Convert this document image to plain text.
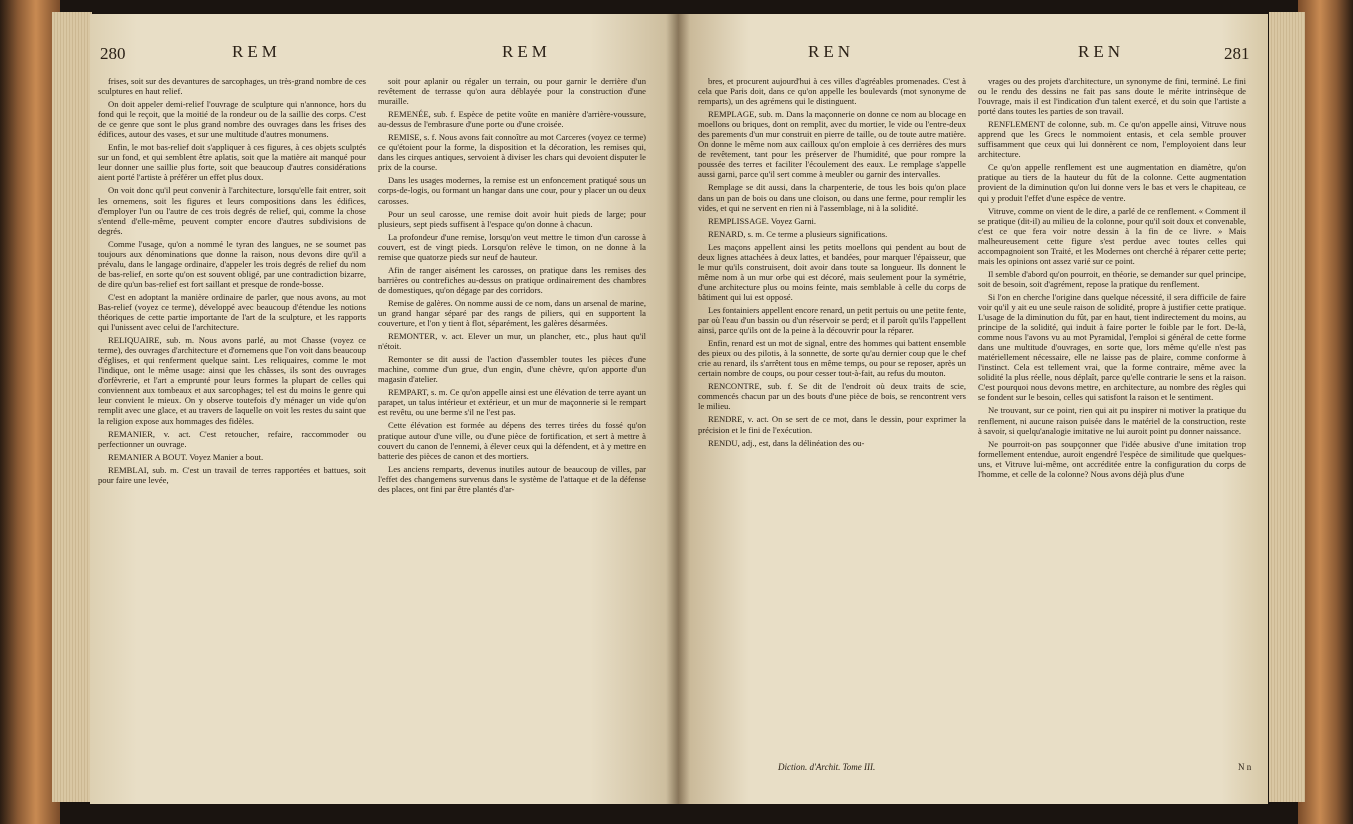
280	REM	REM

frises, soit sur des devantures de sarcophages, un très-grand nombre de ces sculptures en haut relief.

On doit appeler demi-relief l'ouvrage de sculpture qui n'annonce, hors du fond qui le reçoit, que la moitié de la rondeur ou de la saillie des corps. C'est de ce genre que sont le plus grand nombre des ouvrages dans les frises des édifices, autour des vases, et sur une multitude d'autres monumens.

Enfin, le mot bas-relief doit s'appliquer à ces figures, à ces objets sculptés sur un fond, et qui semblent être aplatis, soit que la matière ait manqué pour leur donner une saillie plus forte, soit que beaucoup d'autres considérations aient porté l'artiste à préférer un effet plus doux.

On voit donc qu'il peut convenir à l'architecture, lorsqu'elle fait entrer, soit les ornemens, soit les figures et leurs compositions dans les édifices, d'employer l'un ou l'autre de ces trois degrés de relief, qui, comme la chose s'entend d'elle-même, peuvent compter encore d'autres subdivisions de degrés.

Comme l'usage, qu'on a nommé le tyran des langues, ne se soumet pas toujours aux dénominations que donne la raison, nous devons dire qu'il a prévalu, dans le langage ordinaire, d'appeler les trois degrés de relief du nom de bas-relief, en sorte qu'on est souvent obligé, par une contradiction bizarre, de dire qu'un bas-relief est fort saillant et presque de ronde-bosse.

C'est en adoptant la manière ordinaire de parler, que nous avons, au mot Bas-relief (voyez ce terme), développé avec beaucoup d'étendue les notions théoriques de cette partie importante de l'art de la sculpture, et les rapports qui l'unissent avec celui de l'architecture.

RELIQUAIRE, sub. m. Nous avons parlé, au mot Chasse (voyez ce terme), des ouvrages d'architecture et d'ornemens que l'on voit dans beaucoup d'églises, et qui renferment quelque saint. Les reliquaires, comme le mot l'indique, ont le même usage: ainsi que les châsses, ils sont des ouvrages d'orfèvrerie, et l'art a emprunté pour leurs formes la plupart de celles qui conviennent aux tombeaux et aux sarcophages; tel est du moins le genre qui leur convient le mieux. On y observe toutefois d'y ménager un vide qu'on remplit avec une glace, et au travers de laquelle on voit les restes du saint que la religion expose aux hommages des fidèles.

REMANIER, v. act. C'est retoucher, refaire, raccommoder ou perfectionner un ouvrage.

REMANIER A BOUT. Voyez Manier a bout.

REMBLAI, sub. m. C'est un travail de terres rapportées et battues, soit pour faire une levée,

soit pour aplanir ou régaler un terrain, ou pour garnir le derrière d'un revêtement de terrasse qu'on aura déblayée pour la construction d'une muraille.

REMENÉE, sub. f. Espèce de petite voûte en manière d'arrière-voussure, au-dessus de l'embrasure d'une porte ou d'une croisée.

REMISE, s. f. Nous avons fait connoître au mot Carceres (voyez ce terme) ce qu'étoient pour la forme, la disposition et la décoration, les remises qui, dans les cirques antiques, servoient à diviser les chars qui devoient disputer le prix de la course.

Dans les usages modernes, la remise est un enfoncement pratiqué sous un corps-de-logis, ou formant un hangar dans une cour, pour y placer un ou deux carosses.

Pour un seul carosse, une remise doit avoir huit pieds de large; pour plusieurs, sept pieds suffisent à l'espace qu'on donne à chacun.

La profondeur d'une remise, lorsqu'on veut mettre le timon d'un carosse à couvert, est de vingt pieds. Lorsqu'on relève le timon, on ne donne à la remise que quatorze pieds sur neuf de hauteur.

Afin de ranger aisément les carosses, on pratique dans les remises des barrières ou contrefiches au-dessus on pratique ordinairement des chambres de domestiques, qu'on dégage par des corridors.

Remise de galères. On nomme aussi de ce nom, dans un arsenal de marine, un grand hangar séparé par des rangs de piliers, qui en supportent la couverture, et l'on y tient à flot, séparément, les galères désarmées.

REMONTER, v. act. Elever un mur, un plancher, etc., plus haut qu'il n'étoit.

Remonter se dit aussi de l'action d'assembler toutes les pièces d'une machine, comme d'un grue, d'un engin, d'une chèvre, qu'on apporte d'un magasin d'atelier.

REMPART, s. m. Ce qu'on appelle ainsi est une élévation de terre ayant un parapet, un talus intérieur et extérieur, et un mur de maçonnerie si le rempart est revêtu, ou une berme s'il ne l'est pas.

Cette élévation est formée au dépens des terres tirées du fossé qu'on pratique autour d'une ville, ou d'une pièce de fortification, et sert à mettre à couvert du canon de l'ennemi, à élever ceux qui la défendent, et à y mettre en batterie des pièces de canon et des mortiers.

Les anciens remparts, devenus inutiles autour de beaucoup de villes, par l'effet des changemens survenus dans le système de l'attaque et de la défense des places, ont fini par être plantés d'ar-

REN	REN	281

bres, et procurent aujourd'hui à ces villes d'agréables promenades. C'est à cela que Paris doit, dans ce qu'on appelle les boulevards (mot synonyme de remparts), un des agrémens qui le distinguent.

REMPLAGE, sub. m. Dans la maçonnerie on donne ce nom au blocage en moellons ou briques, dont on remplit, avec du mortier, le vide ou l'entre-deux des parements d'un mur construit en pierre de taille, ou de toute autre matière. On donne le même nom aux cailloux qu'on emploie à ces derrières des murs de revêtement, tant pour les préserver de l'humidité, que pour rompre la poussée des terres et faciliter l'écoulement des eaux. Le remplage s'appelle aussi garni, parce qu'il sert comme à meubler ou garnir des intervalles.

Remplage se dit aussi, dans la charpenterie, de tous les bois qu'on place dans un pan de bois ou dans une cloison, ou dans une ferme, pour remplir les vides, et qui ne servent en rien ni à l'assemblage, ni à la solidité.

REMPLISSAGE. Voyez Garni.

RENARD, s. m. Ce terme a plusieurs significations.

Les maçons appellent ainsi les petits moellons qui pendent au bout de deux lignes attachées à deux lattes, et bandées, pour marquer l'épaisseur, que le mur qu'ils construisent, doit avoir dans toute sa longueur. Ils donnent le même nom à un mur orbe qui est décoré, mais seulement pour la symétrie, d'une architecture plus ou moins feinte, mais semblable à celle du corps de bâtiment qui lui est opposé.

Les fontainiers appellent encore renard, un petit pertuis ou une petite fente, par où l'eau d'un bassin ou d'un réservoir se perd; et il paroît qu'ils l'appellent ainsi, parce qu'ils ont de la peine à la découvrir pour la réparer.

Enfin, renard est un mot de signal, entre des hommes qui battent ensemble des pieux ou des pilotis, à la sonnette, de sorte qu'au dernier coup que le chef crie au renard, ils s'arrêtent tous en même temps, ou pour se reposer, après un certain nombre de coups, ou pour cesser tout-à-fait, au refus du mouton.

RENCONTRE, sub. f. Se dit de l'endroit où deux traits de scie, commencés chacun par un des bouts d'une pièce de bois, se rencontrent vers le milieu.

RENDRE, v. act. On se sert de ce mot, dans le dessin, pour exprimer la précision et le fini de l'exécution.

RENDU, adj., est, dans la délinéation des ou-

vrages ou des projets d'architecture, un synonyme de fini, terminé. Le fini ou le rendu des dessins ne fait pas sans doute le mérite intrinsèque de l'ouvrage, mais il est l'indication d'un talent exercé, et du soin que l'artiste a porté dans toutes les parties de son travail.

RENFLEMENT de colonne, sub. m. Ce qu'on appelle ainsi, Vitruve nous apprend que les Grecs le nommoient entasis, et cela semble prouver suffisamment que ceux qui lui donnèrent ce nom, l'employoient dans leur architecture.

Ce qu'on appelle renflement est une augmentation en diamètre, qu'on pratique au tiers de la hauteur du fût de la colonne. Cette augmentation provient de la diminution qu'on lui donne vers le bas et vers le chapiteau, ce qui y produit l'effet d'une espèce de ventre.

Vitruve, comme on vient de le dire, a parlé de ce renflement. « Comment il se pratique (dit-il) au milieu de la colonne, pour qu'il soit doux et convenable, c'est ce que fera voir notre dessin à la fin de ce livre. » Mais malheureusement cette figure s'est perdue avec toutes celles qui accompagnoient son Traité, et les Modernes ont cherché à réparer cette perte; mais les opinions ont assez varié sur ce point.

Il semble d'abord qu'on pourroit, en théorie, se demander sur quel principe, soit de besoin, soit d'agrément, repose la pratique du renflement.

Si l'on en cherche l'origine dans quelque nécessité, il sera difficile de faire voir qu'il y ait eu une seule raison de solidité, propre à justifier cette pratique. L'usage de la diminution du fût, par en haut, tient indirectement du moins, au principe de la solidité, qui induit à faire porter le foible par le fort. De-là, comme nous l'avons vu au mot Pyramidal, l'emploi si général de cette forme dans une multitude d'ouvrages, en sorte que, lors même qu'elle n'est pas matériellement nécessaire, elle ne laisse pas de plaire, comme conforme à l'instinct. Cela est tellement vrai, que la forme contraire, même avec la solidité la plus réelle, nous déplaît, parce qu'elle contrarie le sens et la raison. C'est pourquoi nous devons mettre, en architecture, au nombre des règles qui se fondent sur le besoin, celles qui satisfont la raison et le sentiment.

Ne trouvant, sur ce point, rien qui ait pu inspirer ni motiver la pratique du renflement, ni aucune raison puisée dans le matériel de la construction, reste à savoir, si quelqu'analogie imitative ne lui auroit point pu donner naissance.

Ne pourroit-on pas soupçonner que l'idée abusive d'une imitation trop formellement entendue, auroit engendré l'espèce de similitude que quelques-uns, et Vitruve lui-même, ont accréditée entre la configuration du corps de l'homme, et celle de la colonne? Nous avons déjà plus d'une

Diction. d'Archit. Tome III.	N n
